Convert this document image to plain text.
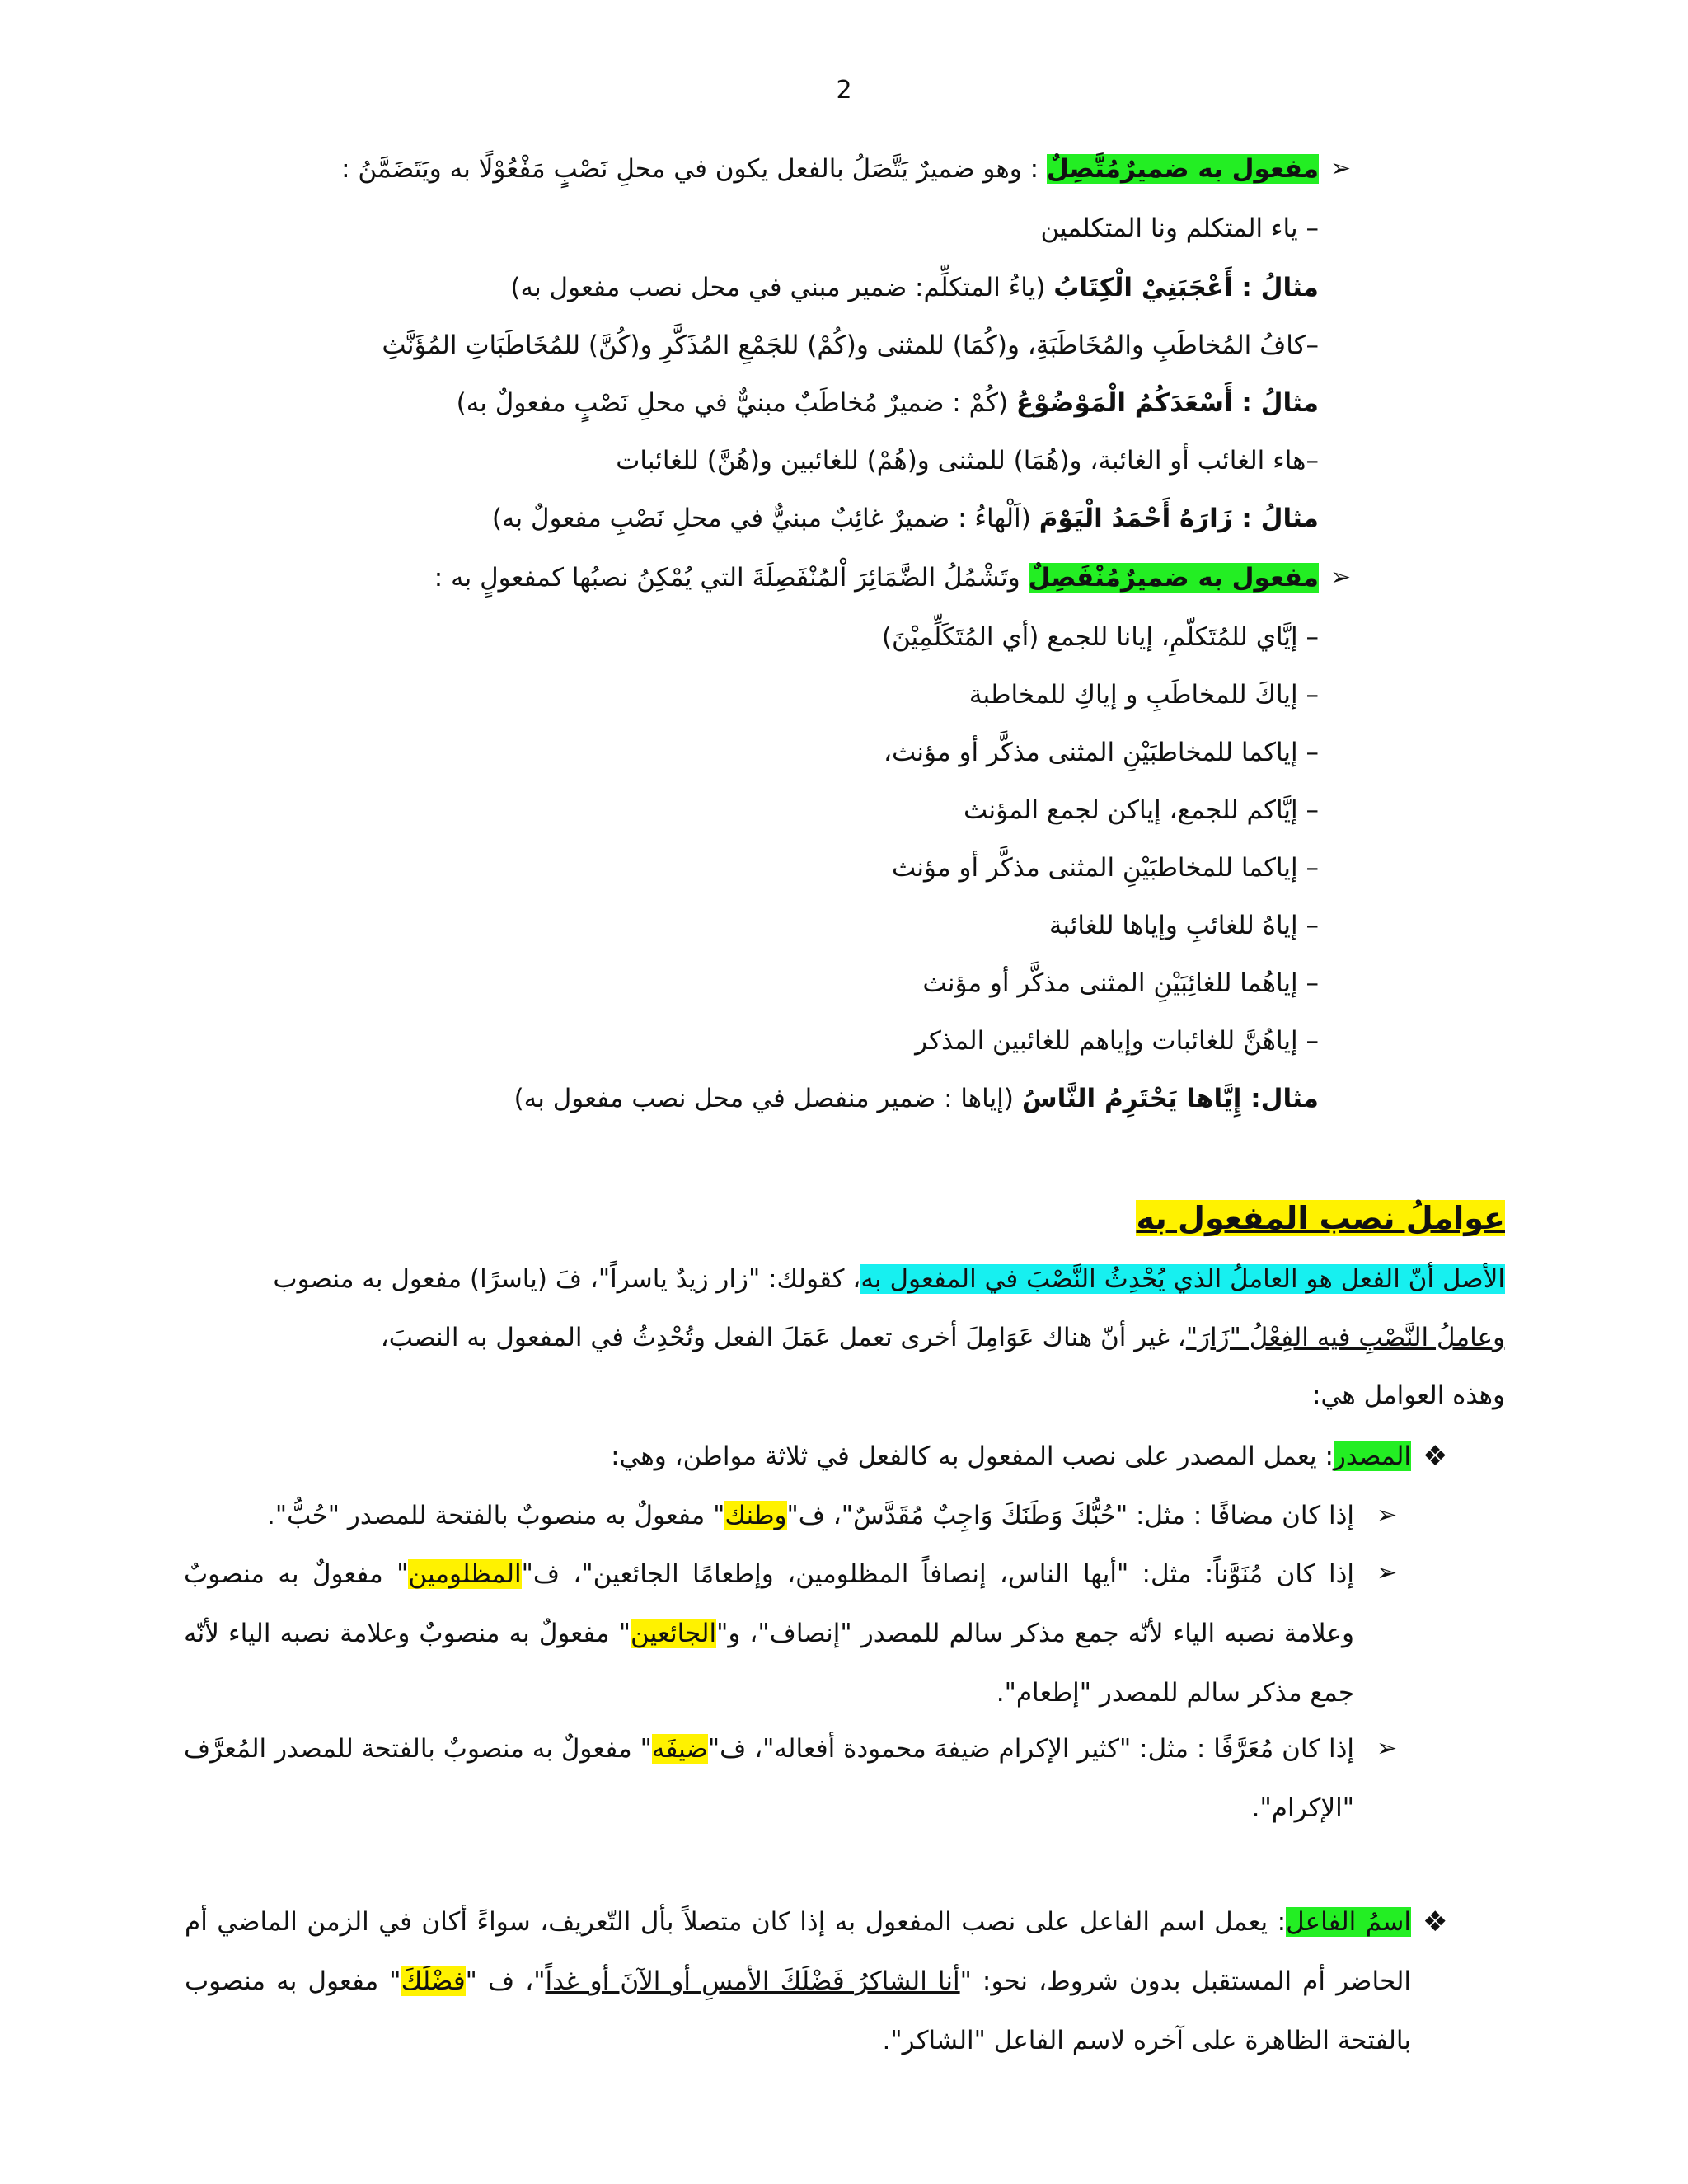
2
➢
مفعول به ضميرٌمُتَّصِلٌ : وهو ضميرٌ يَتَّصَلُ بالفعل يكون في محلِ نَصْبٍ مَفْعُوْلًا به ويَتَضَمَّنُ :
– ياء المتكلم ونا المتكلمين
مثالُ : أَعْجَبَنِيْ الْكِتَابُ (ياءُ المتكلِّم: ضمير مبني في محل نصب مفعول به)
–كافُ المُخاطَبِ والمُخَاطَبَةِ، و(كُمَا) للمثنى و(كُمْ) للجَمْعِ المُذَكَّرِ و(كُنَّ) للمُخَاطَبَاتِ المُؤَنَّثِ
مثالُ : أَسْعَدَكُمُ الْمَوْضُوْعُ (كُمْ : ضميرٌ مُخاطَبٌ مبنيٌّ في محلِ نَصْبٍ مفعولٌ به)
–هاء الغائب أو الغائبة، و(هُمَا) للمثنى و(هُمْ) للغائبين و(هُنَّ) للغائبات
مثالُ : زَارَهُ أَحْمَدُ الْيَوْمَ (اَلْهاءُ : ضميرٌ غائِبٌ مبنيٌّ في محلِ نَصْبِ مفعولٌ به)
➢
مفعول به ضميرٌمُنْفَصِلٌ وتَشْمُلُ الضَّمَائِرَ اْلمُنْفَصِلَةَ التي يُمْكِنُ نصبُها كمفعولٍ به :
– إيَّاي للمُتَكلّمِ، إيانا للجمع (أي المُتَكَلِّمِيْنَ)
– إياكَ للمخاطَبِ و إياكِ للمخاطبة
– إياكما للمخاطبَيْنِ المثنى مذكَّر أو مؤنث،
– إيَّاكم للجمع، إياكن لجمع المؤنث
– إياكما للمخاطبَيْنِ المثنى مذكَّر أو مؤنث
– إياهُ للغائبِ وإياها للغائبة
– إياهُما للغائِبَيْنِ المثنى مذكَّر أو مؤنث
– إياهُنَّ للغائبات وإياهم للغائبين المذكر
مثال: إِيَّاها يَحْتَرِمُ النَّاسُ (إياها : ضمير منفصل في محل نصب مفعول به)
عواملُ نصب المفعول به
الأصل أنّ الفعل هو العاملُ الذي يُحْدِثُ النَّصْبَ في المفعول به، كقولك: "زار زيدٌ ياسراً"، فَ (ياسرًا) مفعول به منصوب
وعاملُ النَّصْبِ فيه الفِعْلُ "زَارَ"، غير أنّ هناك عَوَامِلَ أخرى تعمل عَمَلَ الفعل وتُحْدِثُ في المفعول به النصبَ،
وهذه العوامل هي:
❖
المصدر: يعمل المصدر على نصب المفعول به كالفعل في ثلاثة مواطن، وهي:
➢
إذا كان مضافًا : مثل: "حُبُّكَ وَطَنَكَ وَاجِبٌ مُقَدَّسٌ"، ف"وطنك" مفعولٌ به منصوبٌ بالفتحة للمصدر "حُبُّ".
➢
إذا كان مُنَوَّناً: مثل: "أيها الناس، إنصافاً المظلومين، وإطعامًا الجائعين"، ف"المظلومين" مفعولٌ به منصوبٌ وعلامة نصبه الياء لأنّه جمع مذكر سالم للمصدر "إنصاف"، و"الجائعين" مفعولٌ به منصوبٌ وعلامة نصبه الياء لأنّه جمع مذكر سالم للمصدر "إطعام".
➢
إذا كان مُعَرَّفًا : مثل: "كثير الإكرام ضيفهَ محمودة أفعاله"، ف"ضيفَه" مفعولٌ به منصوبٌ بالفتحة للمصدر المُعرَّف "الإكرام".
❖
اسمُ الفاعل: يعمل اسم الفاعل على نصب المفعول به إذا كان متصلاً بأل التّعريف، سواءً أكان في الزمن الماضي أم الحاضر أم المستقبل بدون شروط، نحو: "أنا الشاكرُ فَضْلَكَ الأمسِ أو الآنَ أو غداً"، ف "فضْلَكَ" مفعول به منصوب بالفتحة الظاهرة على آخره لاسم الفاعل "الشاكر".
